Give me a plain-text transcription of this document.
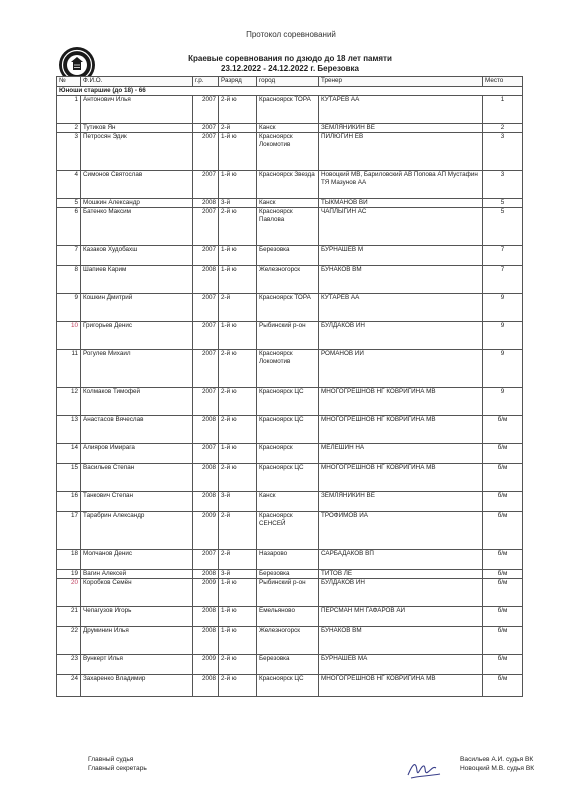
Протокол соревнований
Краевые соревнования по дзюдо до 18 лет памяти
23.12.2022 - 24.12.2022 г. Березовка
№	Ф.И.О.	г.р.	Разряд	город	Тренер	Место
Юноши старшие (до 18) - 66						
1	Антонович Илья	2007	2-й ю	Красноярск ТОРА	КУТАРЕВ АА	1
2	Тутиков Ян	2007	2-й	Канск	ЗЕМЛЯНИКИН ВЕ	2
3	Петросян Эдик	2007	1-й ю	Красноярск Локомотив	ПИЛЮГИН ЕВ	3
4	Симонов Святослав	2007	1-й ю	Красноярск Звезда	Новоцкий МВ, Бариловский АВ Попова АП Мустафин ТЯ Мазунов АА	3
5	Мошкин Александр	2008	3-й	Канск	ТЫКМАНОВ ВИ	5
6	Батенко Максим	2007	2-й ю	Красноярск Павлова	ЧАПЛЫГИН АС	5
7	Казаков Худобахш	2007	1-й ю	Березовка	БУРНАШЕВ М	7
8	Шапиев Карим	2008	1-й ю	Железногорск	БУНАКОВ ВМ	7
9	Кошкин Дмитрий	2007	2-й	Красноярск ТОРА	КУТАРЕВ АА	9
10	Григорьев Денис	2007	1-й ю	Рыбинский р-он	БУЛДАКОВ ИН	9
11	Рогулев Михаил	2007	2-й ю	Красноярск Локомотив	РОМАНОВ ИИ	9
12	Колмаков Тимофей	2007	2-й ю	Красноярск ЦС	МНОГОГРЕШНОВ НГ КОВРИГИНА МВ	9
13	Анастасов Вячеслав	2008	2-й ю	Красноярск ЦС	МНОГОГРЕШНОВ НГ КОВРИГИНА МВ	б/м
14	Алияров Имирага	2007	1-й ю	Красноярск	МЕЛЕШИН НА	б/м
15	Васильев Степан	2008	2-й ю	Красноярск ЦС	МНОГОГРЕШНОВ НГ КОВРИГИНА МВ	б/м
16	Танкович Степан	2008	3-й	Канск	ЗЕМЛЯНИКИН ВЕ	б/м
17	Тарабрин Александр	2009	2-й	Красноярск СЕНСЕЙ	ТРОФИМОВ ИА	б/м
18	Молчанов Денис	2007	2-й	Назарово	САРБАДАКОВ ВП	б/м
19	Вагин Алексей	2008	3-й	Березовка	ТИТОВ ЛЕ	б/м
20	Коробков Семён	2009	1-й ю	Рыбинский р-он	БУЛДАКОВ ИН	б/м
21	Чепагузов Игорь	2008	1-й ю	Емельяново	ПЕРСМАН МН ГАФАРОВ АИ	б/м
22	Друминин Илья	2008	1-й ю	Железногорск	БУНАКОВ ВМ	б/м
23	Вункерт Илья	2009	2-й ю	Березовка	БУРНАШЕВ МА	б/м
24	Захаренко Владимир	2008	2-й ю	Красноярск ЦС	МНОГОГРЕШНОВ НГ КОВРИГИНА МВ	б/м
Главный судья
Главный секретарь
Васильев А.И. судья ВК
Новоцкий М.В. судья ВК
